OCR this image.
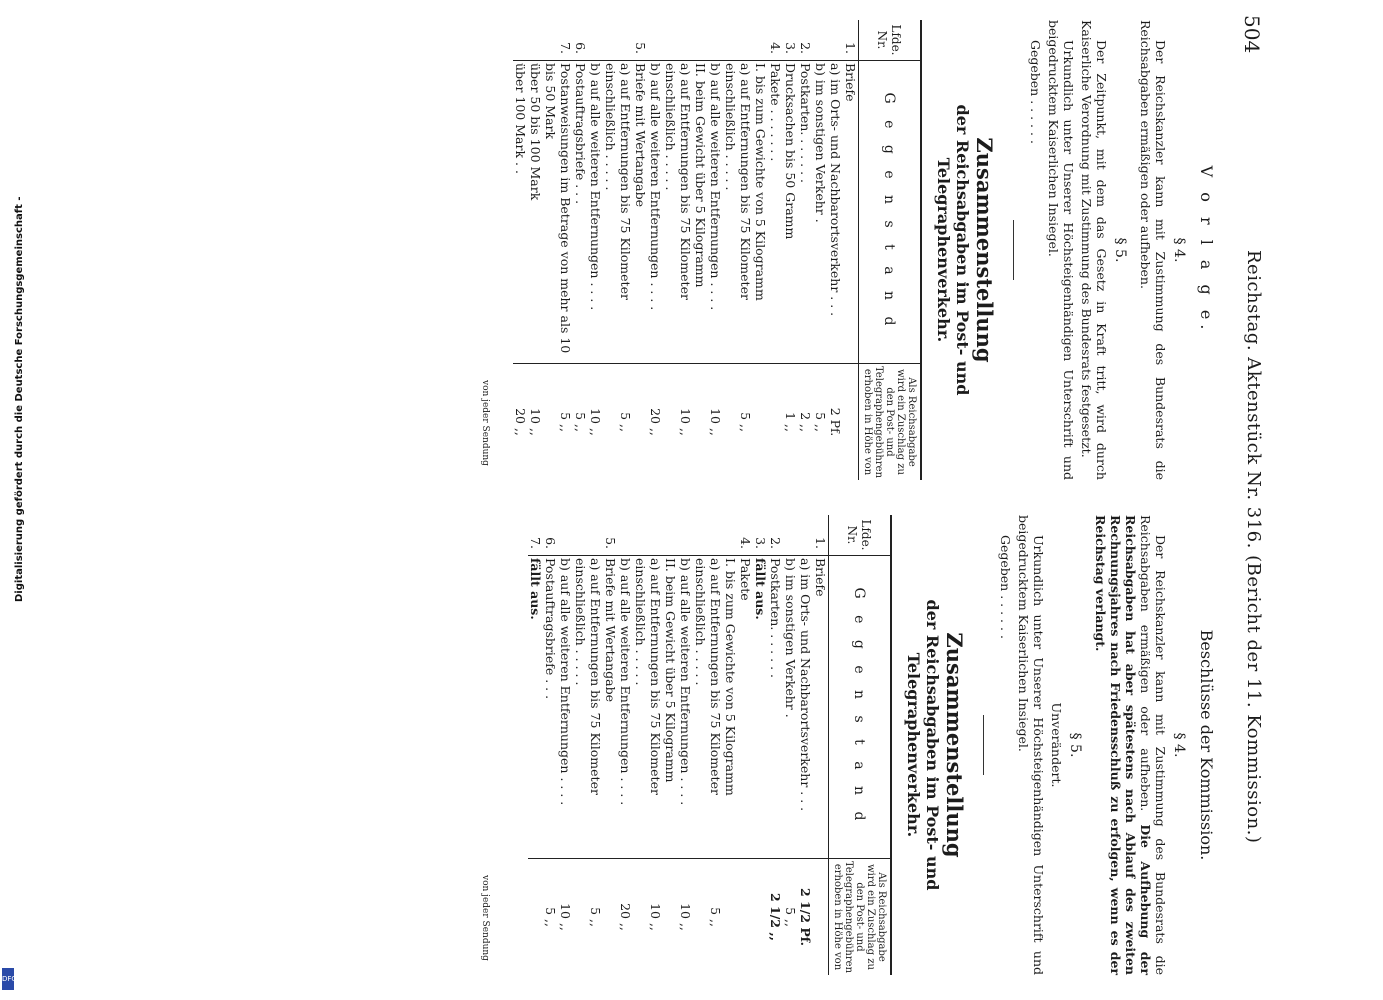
504
Reichstag. Aktenstück Nr. 316. (Bericht der 11. Kommission.)
V o r l a g e.
§ 4.

Der Reichskanzler kann mit Zustimmung des Bundesrats die Reichsabgaben ermäßigen oder aufheben.

§ 5.

Der Zeitpunkt, mit dem das Gesetz in Kraft tritt, wird durch Kaiserliche Verordnung mit Zustimmung des Bundesrats festgesetzt.

Urkundlich unter Unserer Höchsteigenhändigen Unterschrift und beigedrucktem Kaiserlichen Insiegel.

Gegeben . . . . . .

Zusammenstellung
der Reichsabgaben im Post- und Telegraphenverkehr.
Lfde. Nr.	G e g e n s t a n d	Als Reichsabgabe wird ein Zuschlag zu den Post- und Telegraphengebühren erhoben in Höhe von
1.	Briefe	
	a) im Orts- und Nachbarortsverkehr . . .	2 Pf.
	b) im sonstigen Verkehr .	5 ,,
2.	Postkarten. . . . . . .	2 ,,
3.	Drucksachen bis 50 Gramm	1 ,,
4.	Pakete . . . . . . .	
	I. bis zum Gewichte von 5 Kilogramm	
	a) auf Entfernungen bis 75 Kilometer einschließlich . . . . .	5 ,,
	b) auf alle weiteren Entfernungen . . . .	10 ,,
	II. beim Gewicht über 5 Kilogramm	
	a) auf Entfernungen bis 75 Kilometer einschließlich . . . . .	10 ,,
	b) auf alle weiteren Entfernungen . . . .	20 ,,
5.	Briefe mit Wertangabe	
	a) auf Entfernungen bis 75 Kilometer einschließlich . . . . .	5 ,,
	b) auf alle weiteren Entfernungen . . . .	10 ,,
6.	Postauftragsbriefe . . .	5 ,,
7.	Postanweisungen im Betrage von mehr als 10 bis 50 Mark	5 ,,
	über 50 bis 100 Mark	10 ,,
	über 100 Mark . .	20 ,,
Beschlüsse der Kommission.
§ 4.

Der Reichskanzler kann mit Zustimmung des Bundesrats die Reichsabgaben ermäßigen oder aufheben. Die Aufhebung der Reichsabgaben hat aber spätestens nach Ablauf des zweiten Rechnungsjahres nach Friedensschluß zu erfolgen, wenn es der Reichstag verlangt.

§ 5.

Unverändert.

Urkundlich unter Unserer Höchsteigenhändigen Unterschrift und beigedrucktem Kaiserlichen Insiegel.

Gegeben . . . . . .

Zusammenstellung
der Reichsabgaben im Post- und Telegraphenverkehr.
Lfde. Nr.	G e g e n s t a n d	Als Reichsabgabe wird ein Zuschlag zu den Post- und Telegraphengebühren erhoben in Höhe von
1.	Briefe	
	a) im Orts- und Nachbarortsverkehr . . .	2 1/2 Pf.
	b) im sonstigen Verkehr .	5 ,,
2.	Postkarten. . . . . . .	2 1/2 ,,
3.	fällt aus.	
4.	Pakete	
	I. bis zum Gewichte von 5 Kilogramm	
	a) auf Entfernungen bis 75 Kilometer einschließlich . . . . .	5 ,,
	b) auf alle weiteren Entfernungen . . . .	10 ,,
	II. beim Gewicht über 5 Kilogramm	
	a) auf Entfernungen bis 75 Kilometer einschließlich . . . . .	10 ,,
	b) auf alle weiteren Entfernungen . . . .	20 ,,
5.	Briefe mit Wertangabe	
	a) auf Entfernungen bis 75 Kilometer einschließlich . . . . .	5 ,,
	b) auf alle weiteren Entfernungen . . . .	10 ,,
6.	Postauftragsbriefe . . .	5 ,,
7.	fällt aus.	
von jeder Sendung
von jeder Sendung
Digitalisierung gefördert durch die Deutsche Forschungsgemeinschaft -
DFG
